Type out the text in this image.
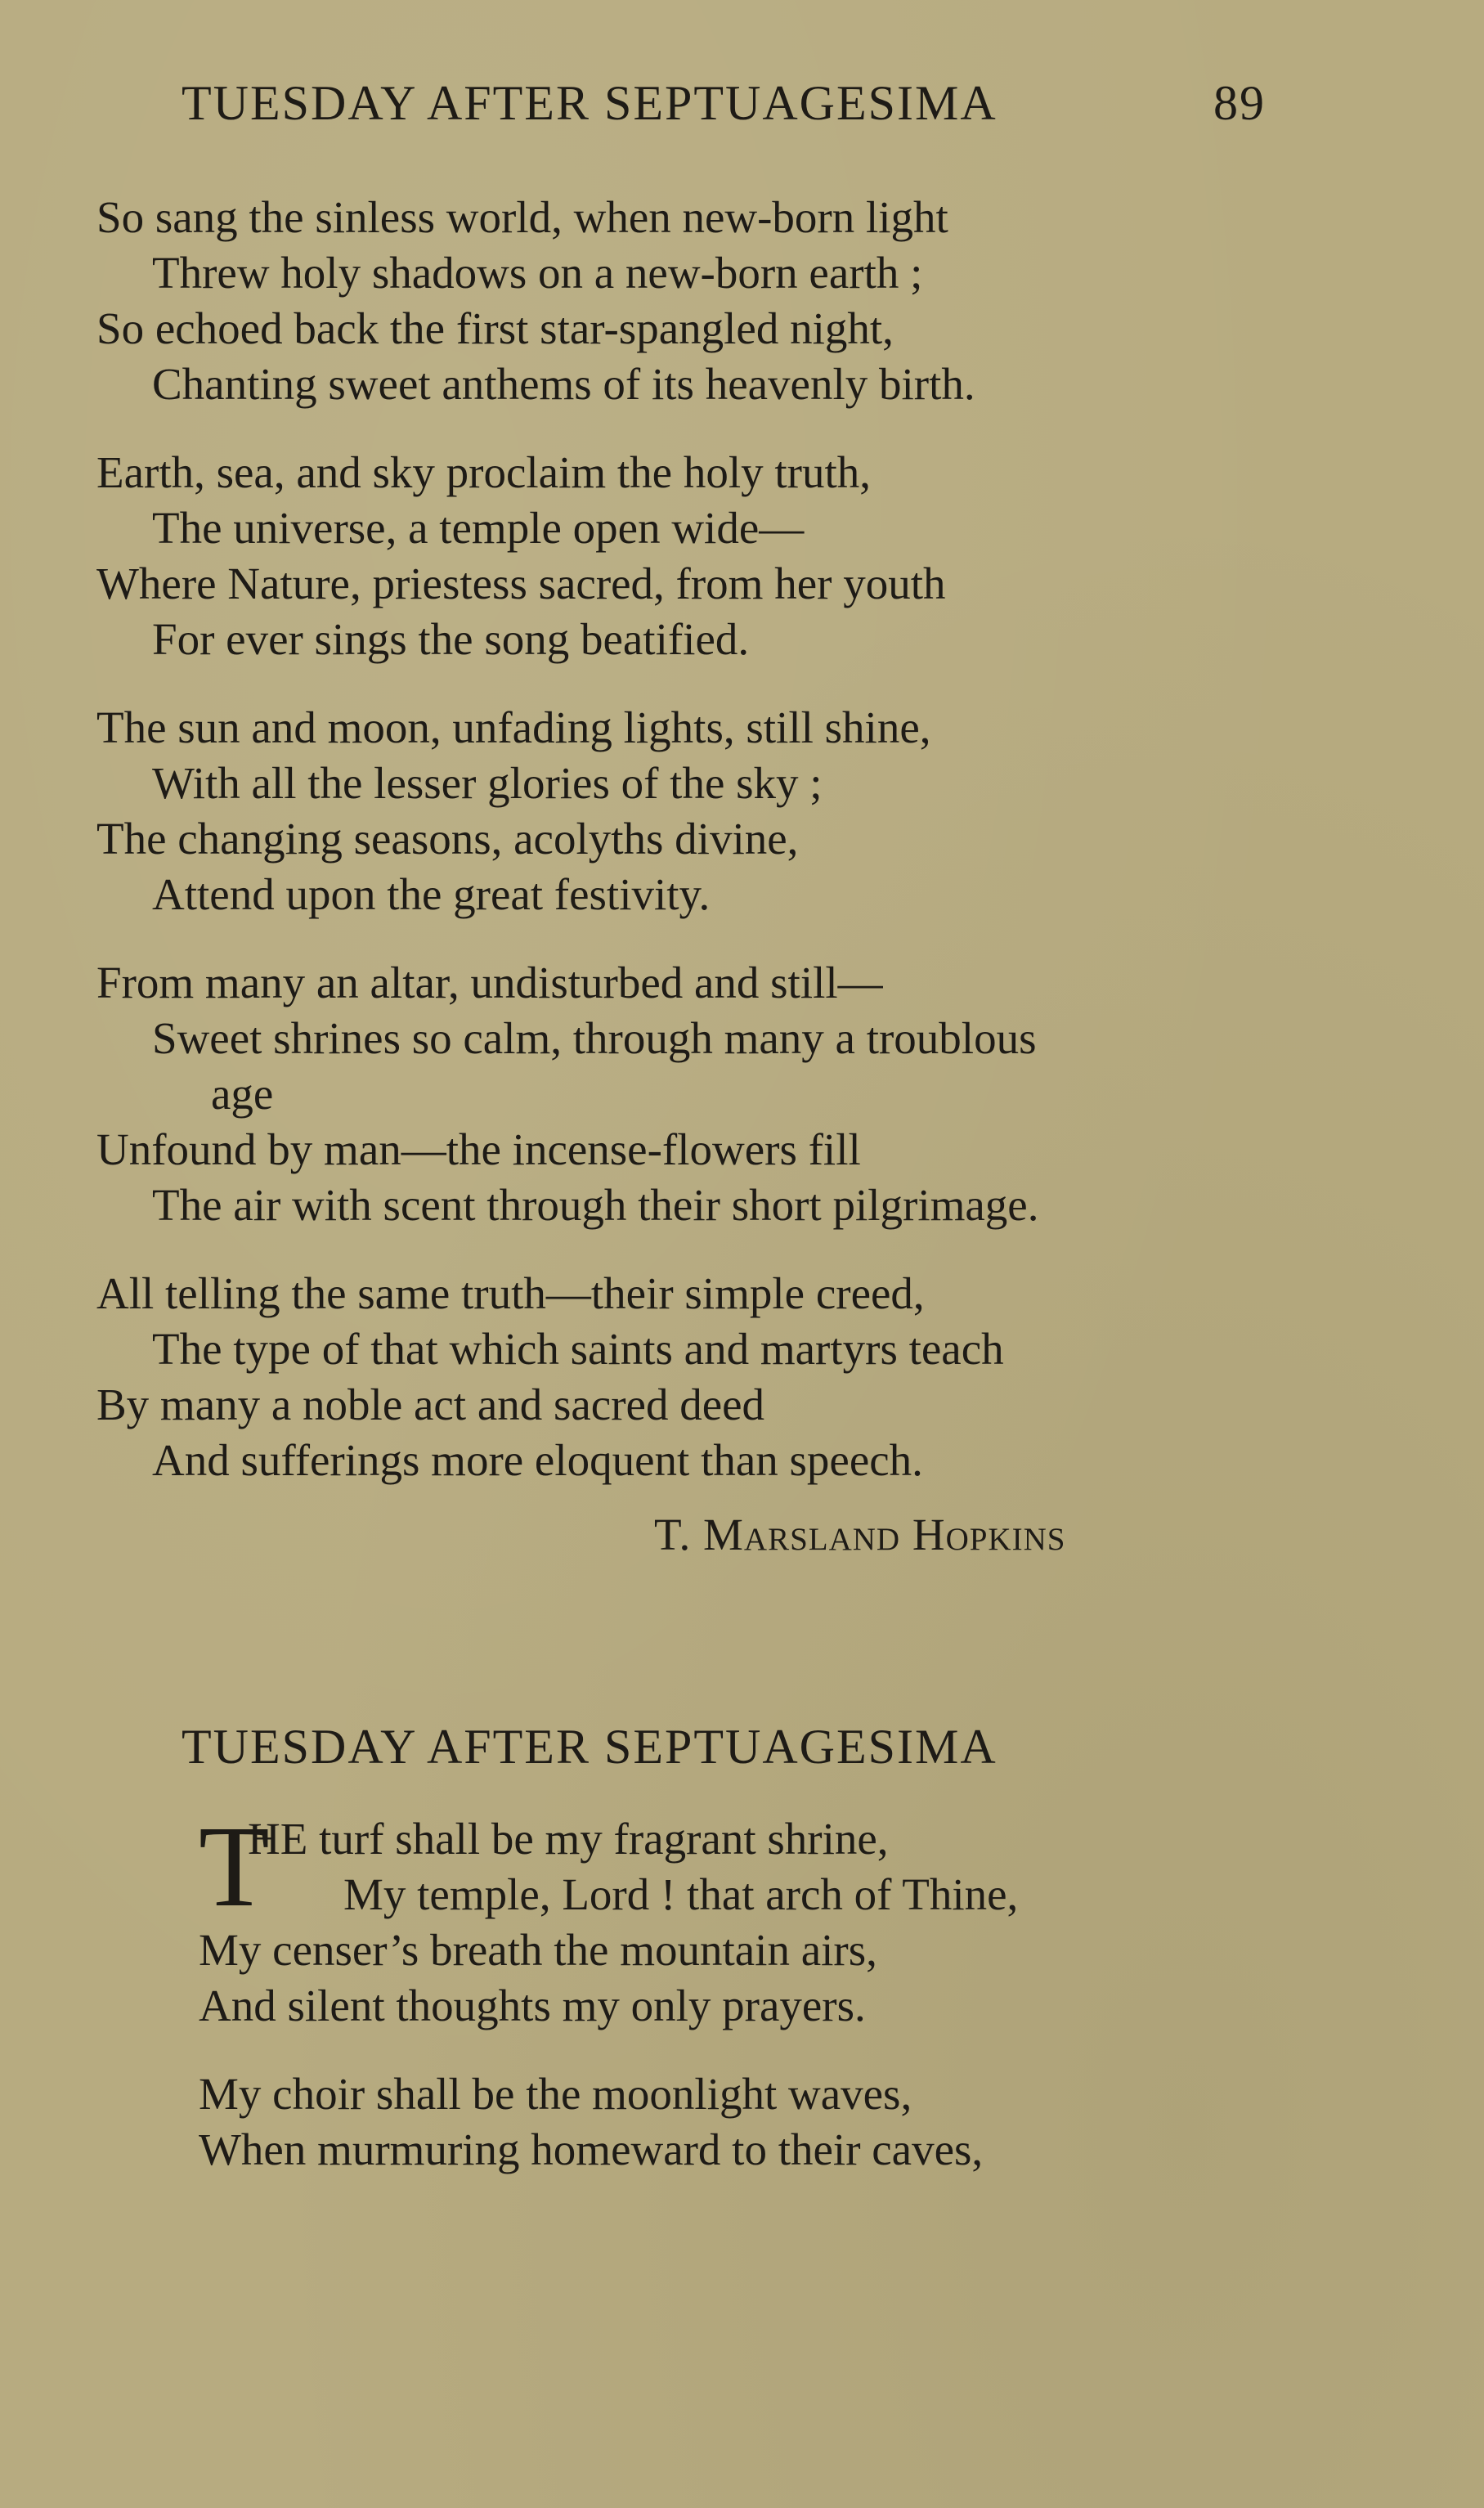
TUESDAY AFTER SEPTUAGESIMA	89
So sang the sinless world, when new-born light
Threw holy shadows on a new-born earth ;
So echoed back the first star-spangled night,
Chanting sweet anthems of its heavenly birth.
Earth, sea, and sky proclaim the holy truth,
The universe, a temple open wide—
Where Nature, priestess sacred, from her youth
For ever sings the song beatified.
The sun and moon, unfading lights, still shine,
With all the lesser glories of the sky ;
The changing seasons, acolyths divine,
Attend upon the great festivity.
From many an altar, undisturbed and still—
Sweet shrines so calm, through many a troublous
age
Unfound by man—the incense-flowers fill
The air with scent through their short pilgrimage.
All telling the same truth—their simple creed,
The type of that which saints and martyrs teach
By many a noble act and sacred deed
And sufferings more eloquent than speech.
T. Marsland Hopkins
TUESDAY AFTER SEPTUAGESIMA
T
HE turf shall be my fragrant shrine,
My temple, Lord ! that arch of Thine,
My censer’s breath the mountain airs,
And silent thoughts my only prayers.
My choir shall be the moonlight waves,
When murmuring homeward to their caves,
